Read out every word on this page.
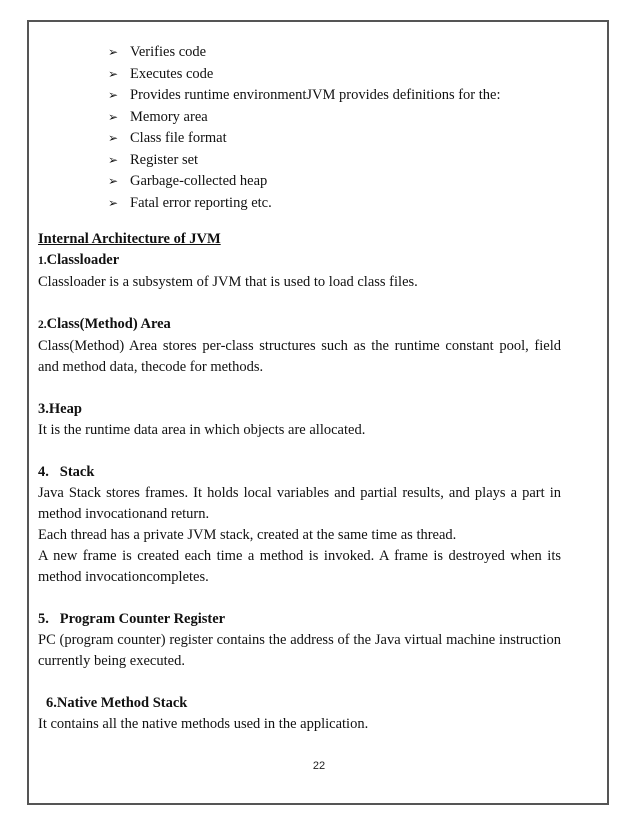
➢ Verifies code
➢ Executes code
➢ Provides runtime environmentJVM provides definitions for the:
➢ Memory area
➢ Class file format
➢ Register set
➢ Garbage-collected heap
➢ Fatal error reporting etc.

Internal Architecture of JVM

1.Classloader

Classloader is a subsystem of JVM that is used to load class files.

2.Class(Method) Area

Class(Method) Area stores per-class structures such as the runtime constant pool, field and method data, thecode for methods.

3.Heap

It is the runtime data area in which objects are allocated.

4.   Stack

Java Stack stores frames. It holds local variables and partial results, and plays a part in method invocationand return.

Each thread has a private JVM stack, created at the same time as thread.

A new frame is created each time a method is invoked. A frame is destroyed when its method invocationcompletes.

5.   Program Counter Register

PC (program counter) register contains the address of the Java virtual machine instruction currently being executed.

6.Native Method Stack

It contains all the native methods used in the application.

22
